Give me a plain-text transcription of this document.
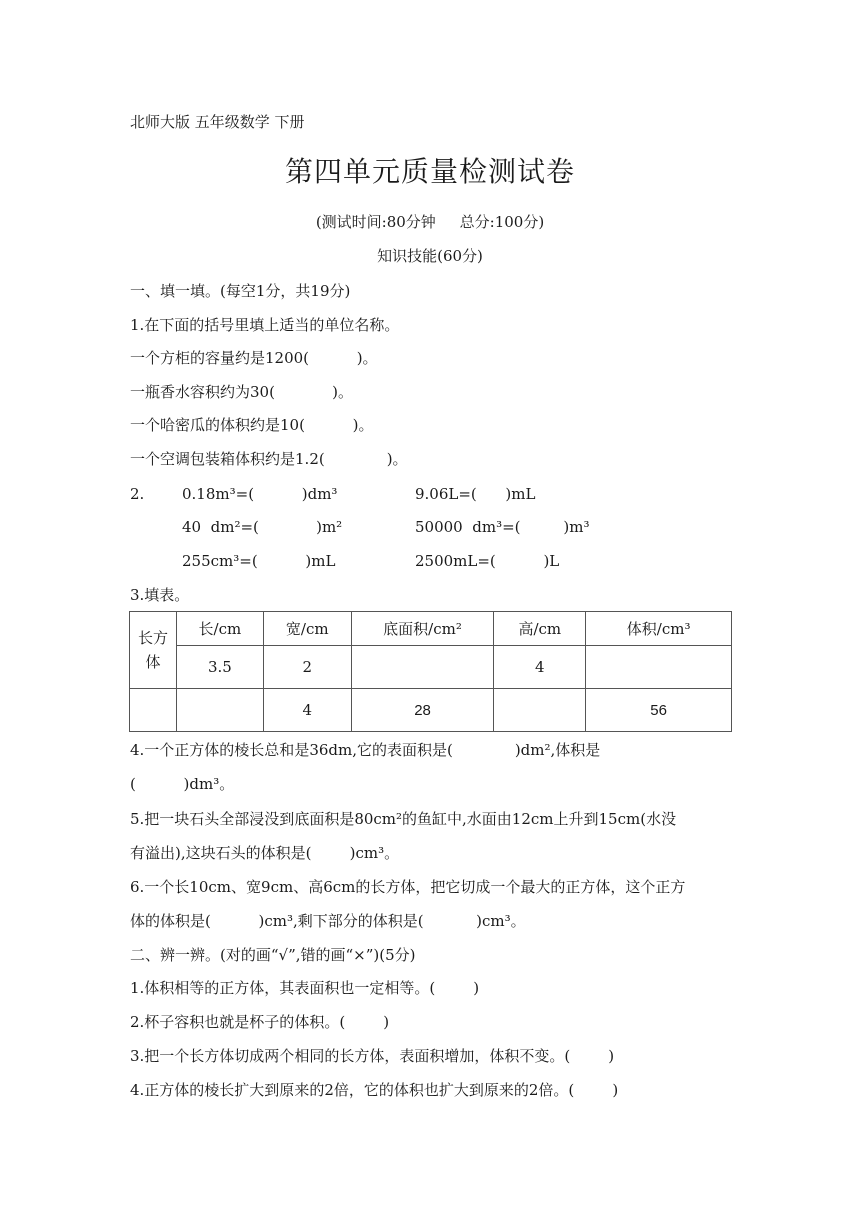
北师大版 五年级数学 下册
第四单元质量检测试卷
(测试时间:80分钟     总分:100分)
知识技能(60分)
一、填一填。(每空1分，共19分)
1.在下面的括号里填上适当的单位名称。
一个方柜的容量约是1200(          )。
一瓶香水容积约为30(            )。
一个哈密瓜的体积约是10(          )。
一个空调包装箱体积约是1.2(             )。
2.	0.18m³=(          )dm³	9.06L=(      )mL
40  dm²=(            )m²	50000  dm³=(         )m³
255cm³=(          )mL	2500mL=(          )L
3.填表。
长方
体	长/cm	宽/cm	底面积/cm²	高/cm	体积/cm³
	3.5	2		4	
		4	28		56
4.一个正方体的棱长总和是36dm,它的表面积是(             )dm²,体积是
(          )dm³。
5.把一块石头全部浸没到底面积是80cm²的鱼缸中,水面由12cm上升到15cm(水没
有溢出),这块石头的体积是(        )cm³。
6.一个长10cm、宽9cm、高6cm的长方体，把它切成一个最大的正方体，这个正方
体的体积是(          )cm³,剩下部分的体积是(           )cm³。
二、辨一辨。(对的画“√”,错的画“×”)(5分)
1.体积相等的正方体，其表面积也一定相等。(        )
2.杯子容积也就是杯子的体积。(        )
3.把一个长方体切成两个相同的长方体，表面积增加，体积不变。(        )
4.正方体的棱长扩大到原来的2倍，它的体积也扩大到原来的2倍。(        )
